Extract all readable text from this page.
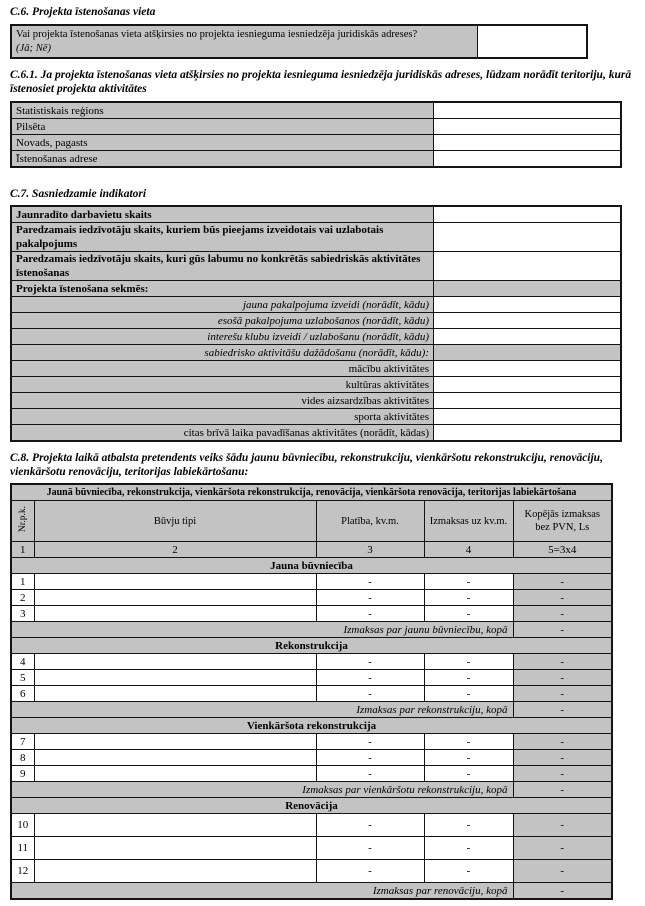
C.6. Projekta īstenošanas vieta

Vai projekta īstenošanas vieta atšķirsies no projekta iesnieguma iesniedzēja juridiskās adreses?
(Jā; Nē)	

C.6.1. Ja projekta īstenošanas vieta atšķirsies no projekta iesnieguma iesniedzēja juridiskās adreses, lūdzam norādīt teritoriju, kurā īstenosiet projekta aktivitātes

Statistiskais reģions	
Pilsēta	
Novads, pagasts	
Īstenošanas adrese	

C.7. Sasniedzamie indikatori

Jaunradīto darbavietu skaits	
Paredzamais iedzīvotāju skaits, kuriem būs pieejams izveidotais vai uzlabotais pakalpojums	
Paredzamais iedzīvotāju skaits, kuri gūs labumu no konkrētās sabiedriskās aktivitātes īstenošanas	
Projekta īstenošana sekmēs:	
jauna pakalpojuma izveidi (norādīt, kādu)	
esošā pakalpojuma uzlabošanos (norādīt, kādu)	
interešu klubu izveidi / uzlabošanu (norādīt, kādu)	
sabiedrisko aktivitāšu dažādošanu (norādīt, kādu):	
mācību aktivitātes	
kultūras aktivitātes	
vides aizsardzības aktivitātes	
sporta aktivitātes	
citas brīvā laika pavadīšanas aktivitātes (norādīt, kādas)	

C.8. Projekta laikā atbalsta pretendents veiks šādu jaunu būvniecību, rekonstrukciju, vienkāršotu rekonstrukciju, renovāciju, vienkāršotu renovāciju, teritorijas labiekārtošanu:

Jaunā būvniecība, rekonstrukcija, vienkāršota rekonstrukcija, renovācija, vienkāršota renovācija, teritorijas labiekārtošana				
Nr.p.k.	Būvju tipi	Platība, kv.m.	Izmaksas uz kv.m.	Kopējās izmaksas bez PVN, Ls
1	2	3	4	5=3x4
Jauna būvniecība				
1		-	-	-
2		-	-	-
3		-	-	-
Izmaksas par jaunu būvniecību, kopā				-
Rekonstrukcija				
4		-	-	-
5		-	-	-
6		-	-	-
Izmaksas par rekonstrukciju, kopā				-
Vienkāršota rekonstrukcija				
7		-	-	-
8		-	-	-
9		-	-	-
Izmaksas par vienkāršotu rekonstrukciju, kopā				-
Renovācija				
10		-	-	-
11		-	-	-
12		-	-	-
Izmaksas par renovāciju, kopā				-
